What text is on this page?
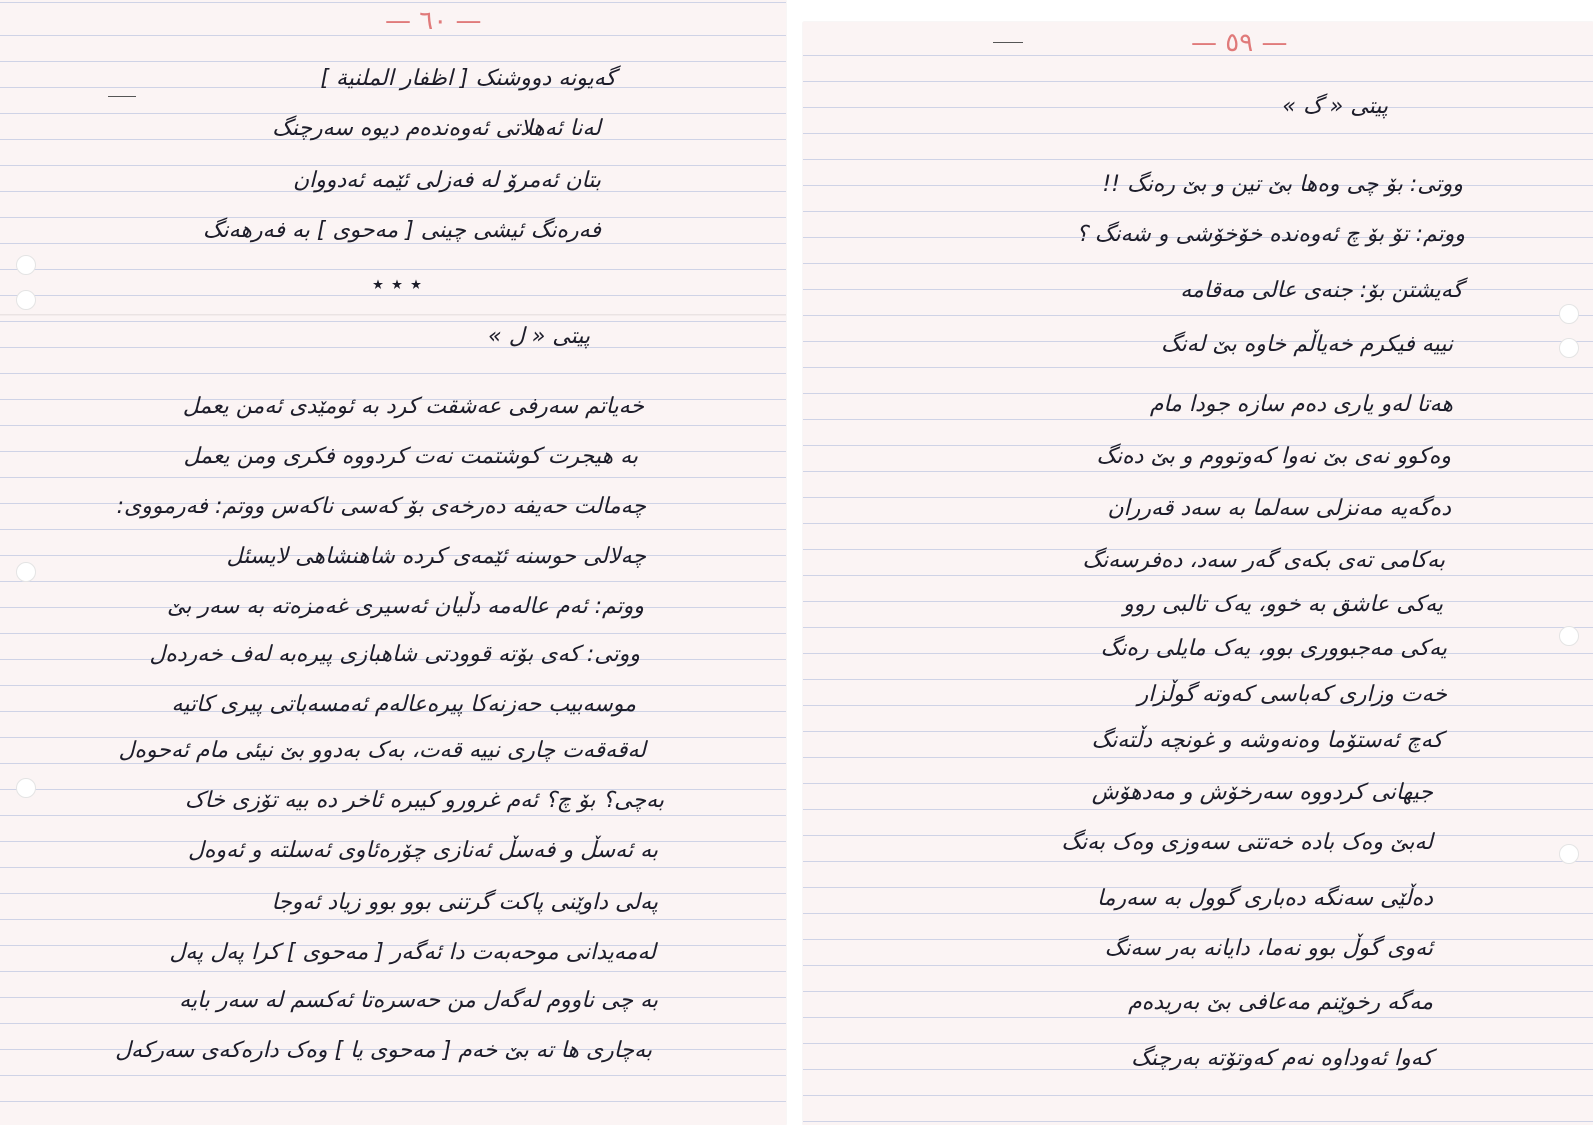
— ٦٠ —
گەیونە دووشنک [ اظفار الملنیة ]
لەنا ئەهلاتی ئەوەندەم دیوە سەرچنگ
بتان ئەمرۆ لە فەزلی ئێمە ئەدووان
فەرەنگ ئیشی چینی [ مەحوی ] بە فەرهەنگ
٭ ٭ ٭
پیتی « ل »
خەیاتم سەرفی عەشقت کرد بە ئومێدی ئەمن یعمل
بە هیجرت کوشتمت نەت کردووە فکری ومن یعمل
چەمالت حەیفە دەرخەی بۆ کەسی ناکەس ووتم: فەرمووی:
چەلالی حوسنە ئێمەی کردە شاهنشاهی لایسئل
ووتم: ئەم عالەمە دڵیان ئەسیری غەمزەتە بە سەر بێ
ووتی: کەی بۆتە قوودتی شاهبازی پیرەبە لەف خەردەل
موسەبیب حەزنەکا پیرەعالەم ئەمسەباتی پیری کاتیە
لەقەقەت چاری نییە قەت، بەک بەدوو بێ نیئی مام ئەحوەل
بەچی؟ بۆ چ؟ ئەم غرورو کیبرە ئاخر دە بیە تۆزی خاک
بە ئەسڵ و فەسڵ ئەنازی چۆرەئاوی ئەسلتە و ئەوەل
پەلی داوێنی پاکت گرتنی بوو بوو زیاد ئەوجا
لەمەیدانی موحەبەت دا ئەگەر [ مەحوی ] کرا پەل پەل
بە چی ناووم لەگەل من حەسرەتا ئەکسم لە سەر بایە
بەچاری ها تە بێ خەم [ مەحوی یا ] وەک دارەکەی سەرکەل
— ٥٩ —
پیتی « گ »
ووتی: بۆ چی وەها بێ تین و بێ رەنگ !!
ووتم: تۆ بۆ چ ئەوەندە خۆخۆشی و شەنگ ؟
گەیشتن بۆ: جنەی عالی مەقامە
نییە فیکرم خەیاڵم خاوە بێ لەنگ
هەتا لەو یاری دەم سازە جودا مام
وەکوو نەی بێ نەوا کەوتووم و بێ دەنگ
دەگەیە مەنزلی سەلما بە سەد قەرران
بەکامی تەی بکەی گەر سەد، دەفرسەنگ
یەکی عاشق بە خوو، یەک تالبی روو
یەکی مەجبووری بوو، یەک مایلی رەنگ
خەت وزاری کەباسی کەوتە گوڵزار
کەچ ئەستۆما وەنەوشە و غونچە دڵتەنگ
جیهانی کردووە سەرخۆش و مەدهۆش
لەبێ وەک بادە خەتتی سەوزی وەک بەنگ
دەڵێی سەنگە دەباری گوول بە سەرما
ئەوی گوڵ بوو نەما، دایانە بەر سەنگ
مەگە رخوێنم مەعافی بێ بەریدەم
کەوا ئەوداوە نەم کەوتۆتە بەرچنگ
